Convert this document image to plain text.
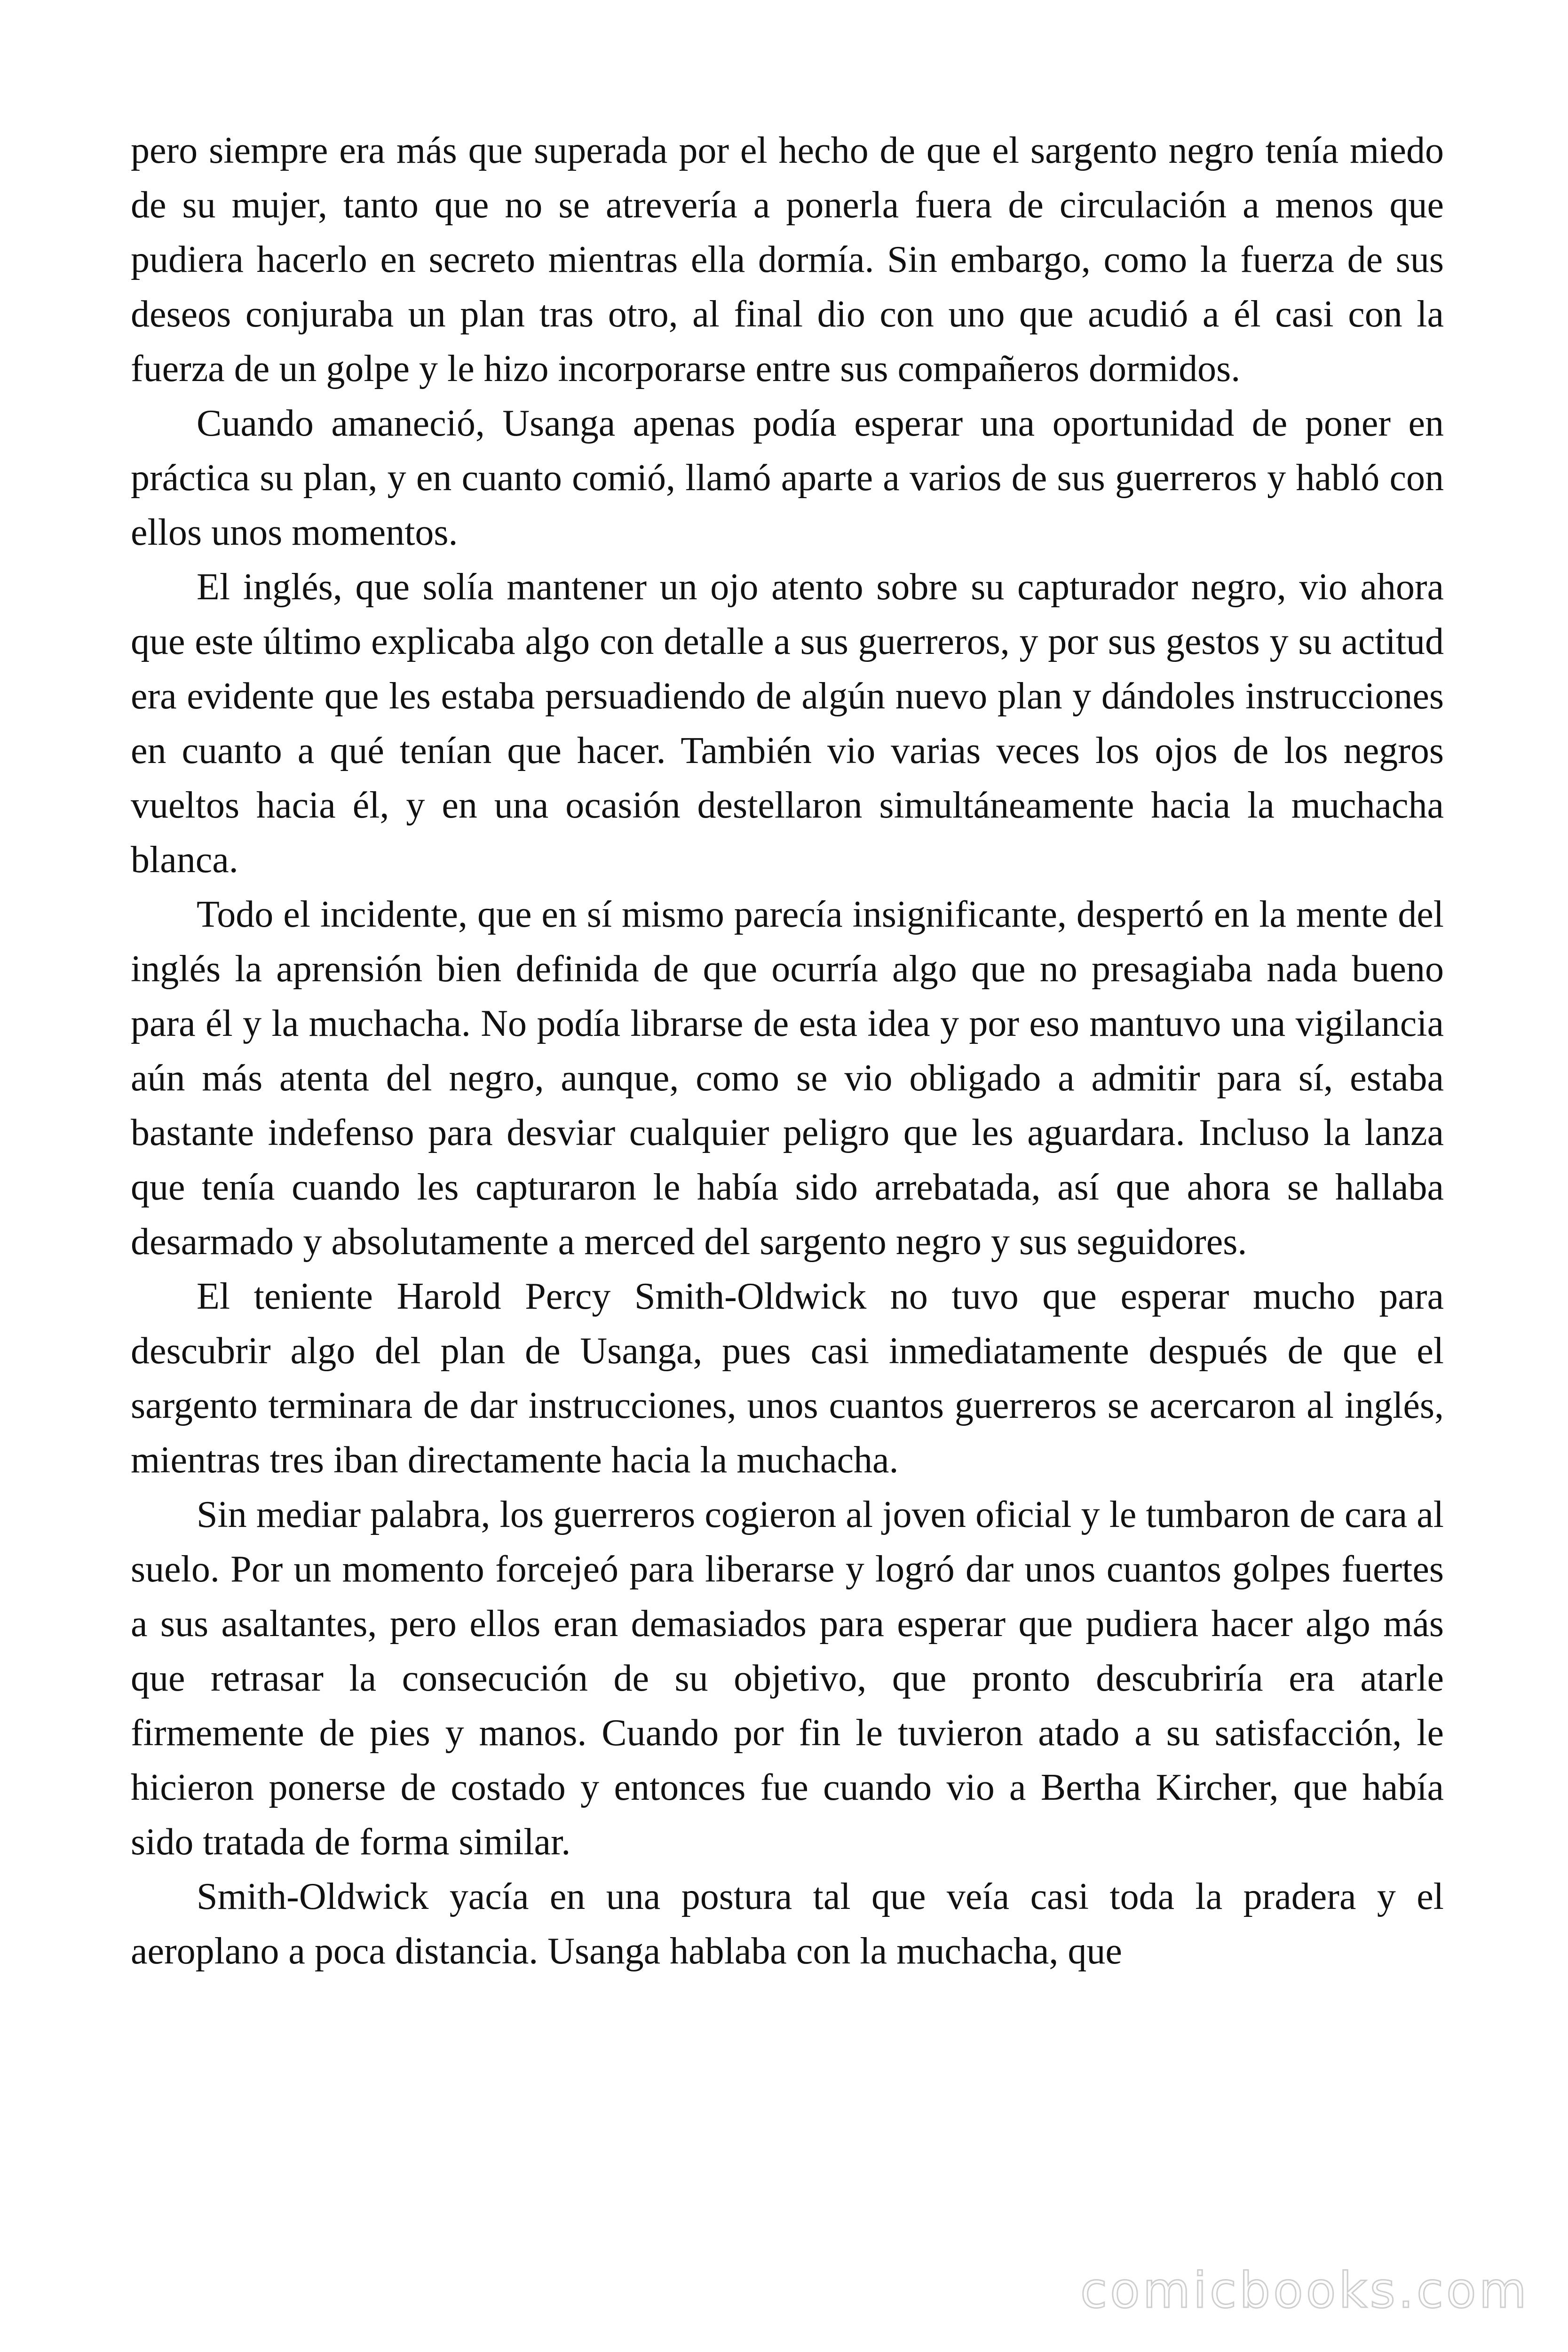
pero siempre era más que superada por el hecho de que el sargento negro tenía miedo de su mujer, tanto que no se atrevería a ponerla fuera de circulación a menos que pudiera hacerlo en secreto mientras ella dormía. Sin embargo, como la fuerza de sus deseos conjuraba un plan tras otro, al final dio con uno que acudió a él casi con la fuerza de un golpe y le hizo incorporarse entre sus compañeros dormidos.

Cuando amaneció, Usanga apenas podía esperar una oportunidad de poner en práctica su plan, y en cuanto comió, llamó aparte a varios de sus guerreros y habló con ellos unos momentos.

El inglés, que solía mantener un ojo atento sobre su capturador negro, vio ahora que este último explicaba algo con detalle a sus guerreros, y por sus gestos y su actitud era evidente que les estaba persuadiendo de algún nuevo plan y dándoles instrucciones en cuanto a qué tenían que hacer. También vio varias veces los ojos de los negros vueltos hacia él, y en una ocasión destellaron simultáneamente hacia la muchacha blanca.

Todo el incidente, que en sí mismo parecía insignificante, despertó en la mente del inglés la aprensión bien definida de que ocurría algo que no presagiaba nada bueno para él y la muchacha. No podía librarse de esta idea y por eso mantuvo una vigilancia aún más atenta del negro, aunque, como se vio obligado a admitir para sí, estaba bastante indefenso para desviar cualquier peligro que les aguardara. Incluso la lanza que tenía cuando les capturaron le había sido arrebatada, así que ahora se hallaba desarmado y absolutamente a merced del sargento negro y sus seguidores.

El teniente Harold Percy Smith-Oldwick no tuvo que esperar mucho para descubrir algo del plan de Usanga, pues casi inmediatamente después de que el sargento terminara de dar instrucciones, unos cuantos guerreros se acercaron al inglés, mientras tres iban directamente hacia la muchacha.

Sin mediar palabra, los guerreros cogieron al joven oficial y le tumbaron de cara al suelo. Por un momento forcejeó para liberarse y logró dar unos cuantos golpes fuertes a sus asaltantes, pero ellos eran demasiados para esperar que pudiera hacer algo más que retrasar la consecución de su objetivo, que pronto descubriría era atarle firmemente de pies y manos. Cuando por fin le tuvieron atado a su satisfacción, le hicieron ponerse de costado y entonces fue cuando vio a Bertha Kircher, que había sido tratada de forma similar.

Smith-Oldwick yacía en una postura tal que veía casi toda la pradera y el aeroplano a poca distancia. Usanga hablaba con la muchacha, que

comicbooks.com
